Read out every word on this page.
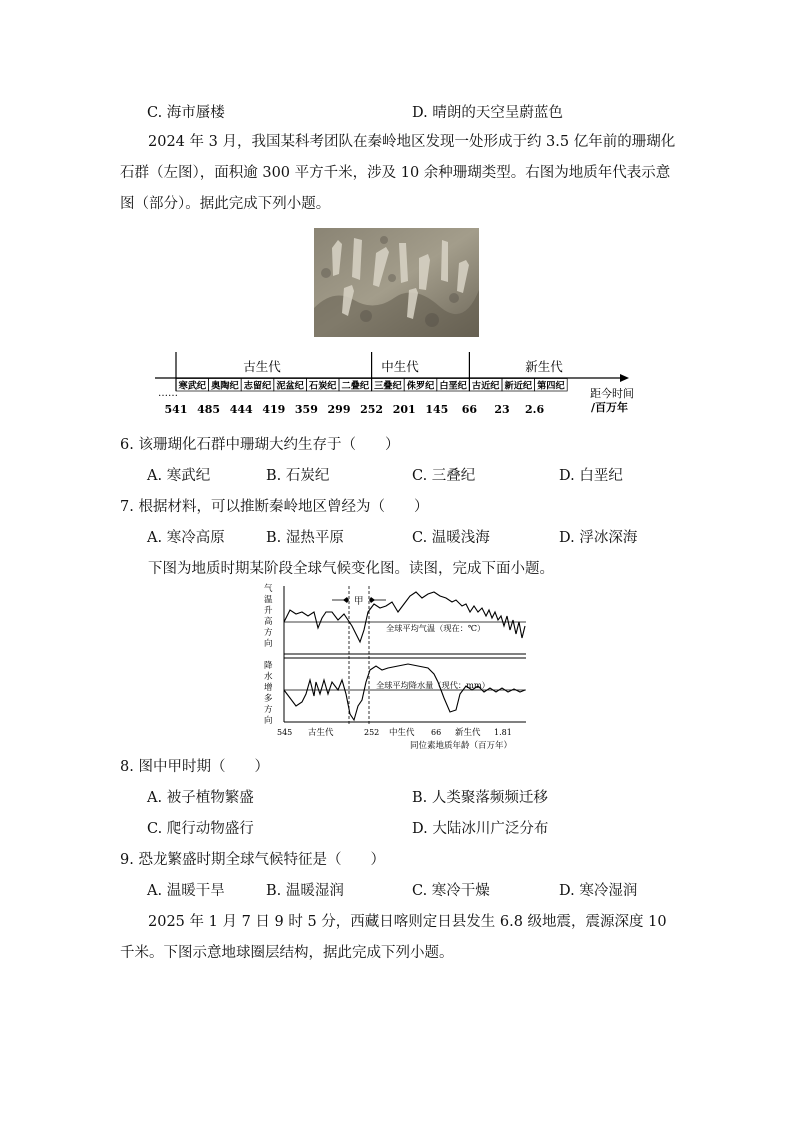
C. 海市蜃楼	D. 晴朗的天空呈蔚蓝色
2024 年 3 月，我国某科考团队在秦岭地区发现一处形成于约 3.5 亿年前的珊瑚化石群（左图），面积逾 300 平方千米，涉及 10 余种珊瑚类型。右图为地质年代表示意图（部分）。据此完成下列小题。
寒武纪 奥陶纪 志留纪 泥盆纪 石炭纪 二叠纪 三叠纪 侏罗纪 白垩纪 古近纪 新近纪 第四纪
541 485 444 419 359 299 252 201 145 66 23 2.6
中生代
古生代	新生代
……	距今时间
/百万年
6. 该珊瑚化石群中珊瑚大约生存于（　　）
A. 寒武纪	B. 石炭纪	C. 三叠纪	D. 白垩纪
7. 根据材料，可以推断秦岭地区曾经为（　　）
A. 寒冷高原	B. 湿热平原	C. 温暖浅海	D. 浮冰深海
下图为地质时期某阶段全球气候变化图。读图，完成下面小题。
甲
全球平均气温（现在：℃）
全球平均降水量（现代：mm）
气
温
升
高
方
向
降
水
增
多
方
向
545 古生代	252 中生代 66 新生代 1.81
同位素地质年龄（百万年）
8. 图中甲时期（　　）
A. 被子植物繁盛	B. 人类聚落频频迁移
C. 爬行动物盛行	D. 大陆冰川广泛分布
9. 恐龙繁盛时期全球气候特征是（　　）
A. 温暖干旱	B. 温暖湿润	C. 寒冷干燥	D. 寒冷湿润
2025 年 1 月 7 日 9 时 5 分，西藏日喀则定日县发生 6.8 级地震，震源深度 10 千米。下图示意地球圈层结构，据此完成下列小题。
